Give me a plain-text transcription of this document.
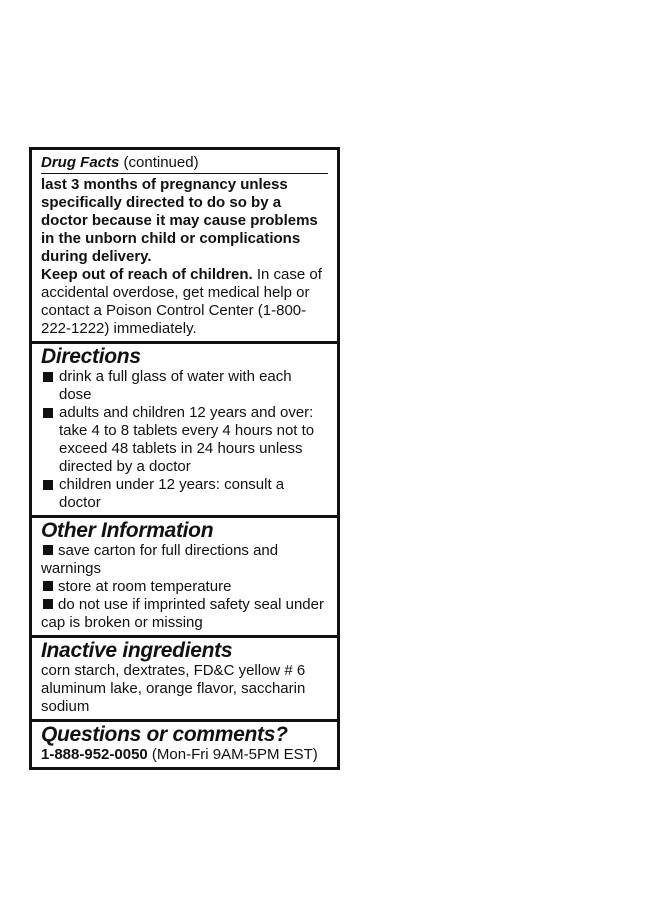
Drug Facts (continued)

last 3 months of pregnancy unless specifically directed to do so by a doctor because it may cause problems in the unborn child or complications during delivery.

Keep out of reach of children. In case of accidental overdose, get medical help or contact a Poison Control Center (1-800-222-1222) immediately.

Directions
drink a full glass of water with each dose
adults and children 12 years and over: take 4 to 8 tablets every 4 hours not to exceed 48 tablets in 24 hours unless directed by a doctor
children under 12 years: consult a doctor
Other Information

save carton for full directions and warnings

store at room temperature

do not use if imprinted safety seal under cap is broken or missing

Inactive ingredients

corn starch, dextrates, FD&C yellow # 6 aluminum lake, orange flavor, saccharin sodium

Questions or comments?

1-888-952-0050 (Mon-Fri 9AM-5PM EST)
